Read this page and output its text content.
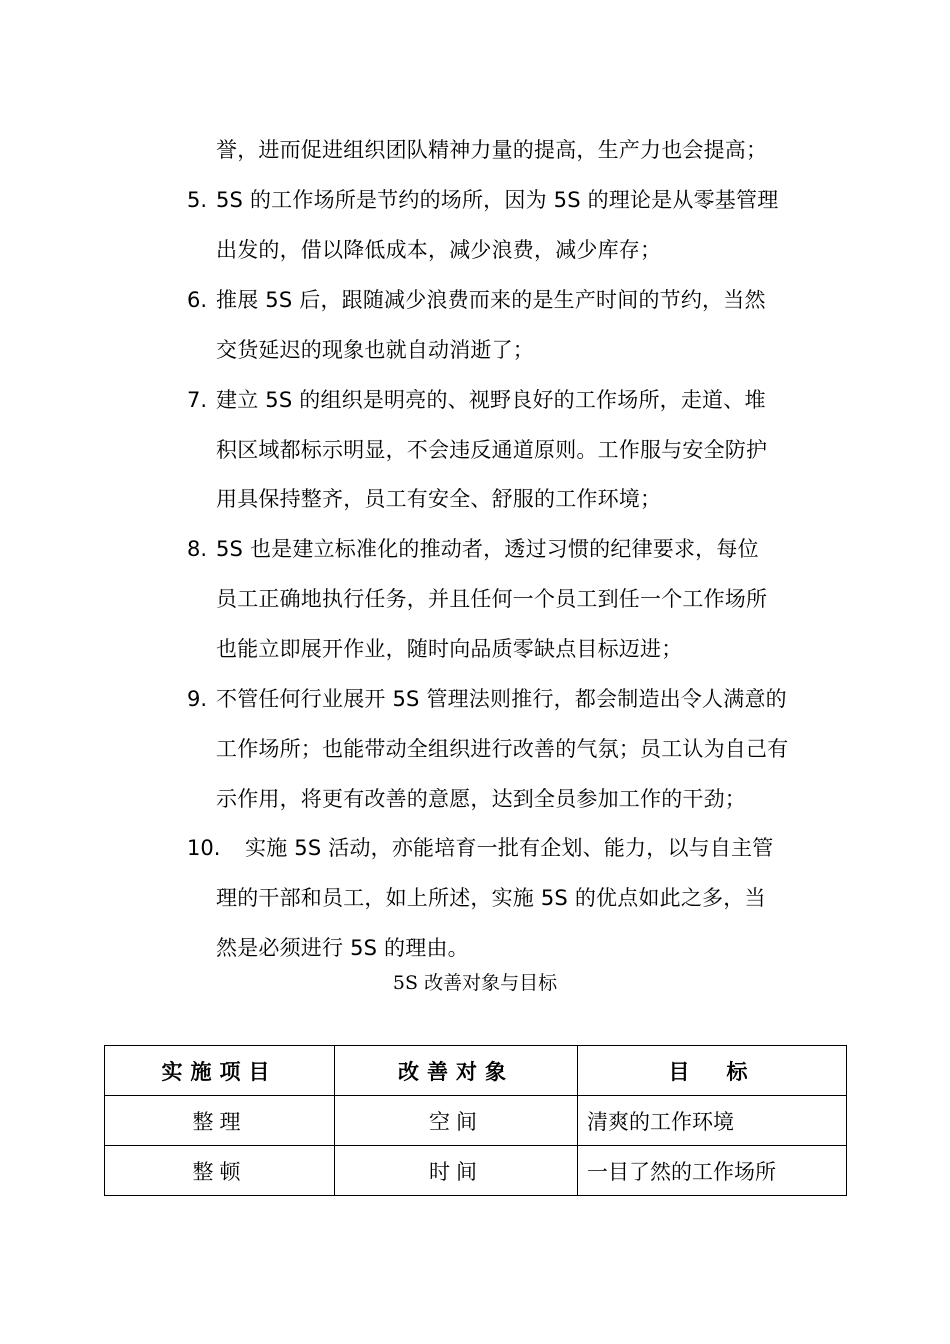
誉，进而促进组织团队精神力量的提高，生产力也会提高；
5. 5S 的工作场所是节约的场所，因为 5S 的理论是从零基管理
出发的，借以降低成本，减少浪费，减少库存；
6. 推展 5S 后，跟随减少浪费而来的是生产时间的节约，当然
交货延迟的现象也就自动消逝了；
7. 建立 5S 的组织是明亮的、视野良好的工作场所，走道、堆
积区域都标示明显，不会违反通道原则。工作服与安全防护
用具保持整齐，员工有安全、舒服的工作环境；
8. 5S 也是建立标准化的推动者，透过习惯的纪律要求，每位
员工正确地执行任务，并且任何一个员工到任一个工作场所
也能立即展开作业，随时向品质零缺点目标迈进；
9. 不管任何行业展开 5S 管理法则推行，都会制造出令人满意的
工作场所；也能带动全组织进行改善的气氛；员工认为自己有
示作用，将更有改善的意愿，达到全员参加工作的干劲；
10. 实施 5S 活动，亦能培育一批有企划、能力，以与自主管
理的干部和员工，如上所述，实施 5S 的优点如此之多，当
然是必须进行 5S 的理由。
5S 改善对象与目标
实施项目	改善对象	目　标
整理	空间	清爽的工作环境
整顿	时间	一目了然的工作场所
